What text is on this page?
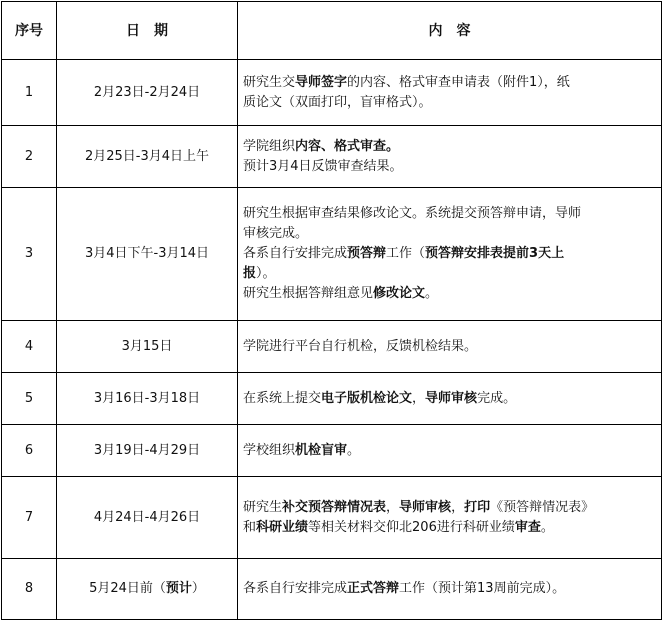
序号	日　期	内　容
1	2月23日-2月24日	研究生交导师签字的内容、格式审查申请表（附件1），纸
质论文（双面打印，盲审格式）。

2	2月25日-3月4日上午	学院组织内容、格式审查。
预计3月4日反馈审查结果。

3	3月4日下午-3月14日	研究生根据审查结果修改论文。系统提交预答辩申请，导师
审核完成。
各系自行安排完成预答辩工作（预答辩安排表提前3天上
报）。
研究生根据答辩组意见修改论文。

4	3月15日	学院进行平台自行机检，反馈机检结果。

5	3月16日-3月18日	在系统上提交电子版机检论文，导师审核完成。

6	3月19日-4月29日	学校组织机检盲审。

7	4月24日-4月26日	研究生补交预答辩情况表，导师审核，打印《预答辩情况表》
和科研业绩等相关材料交仰北206进行科研业绩审查。

8	5月24日前（预计）	各系自行安排完成正式答辩工作（预计第13周前完成）。
